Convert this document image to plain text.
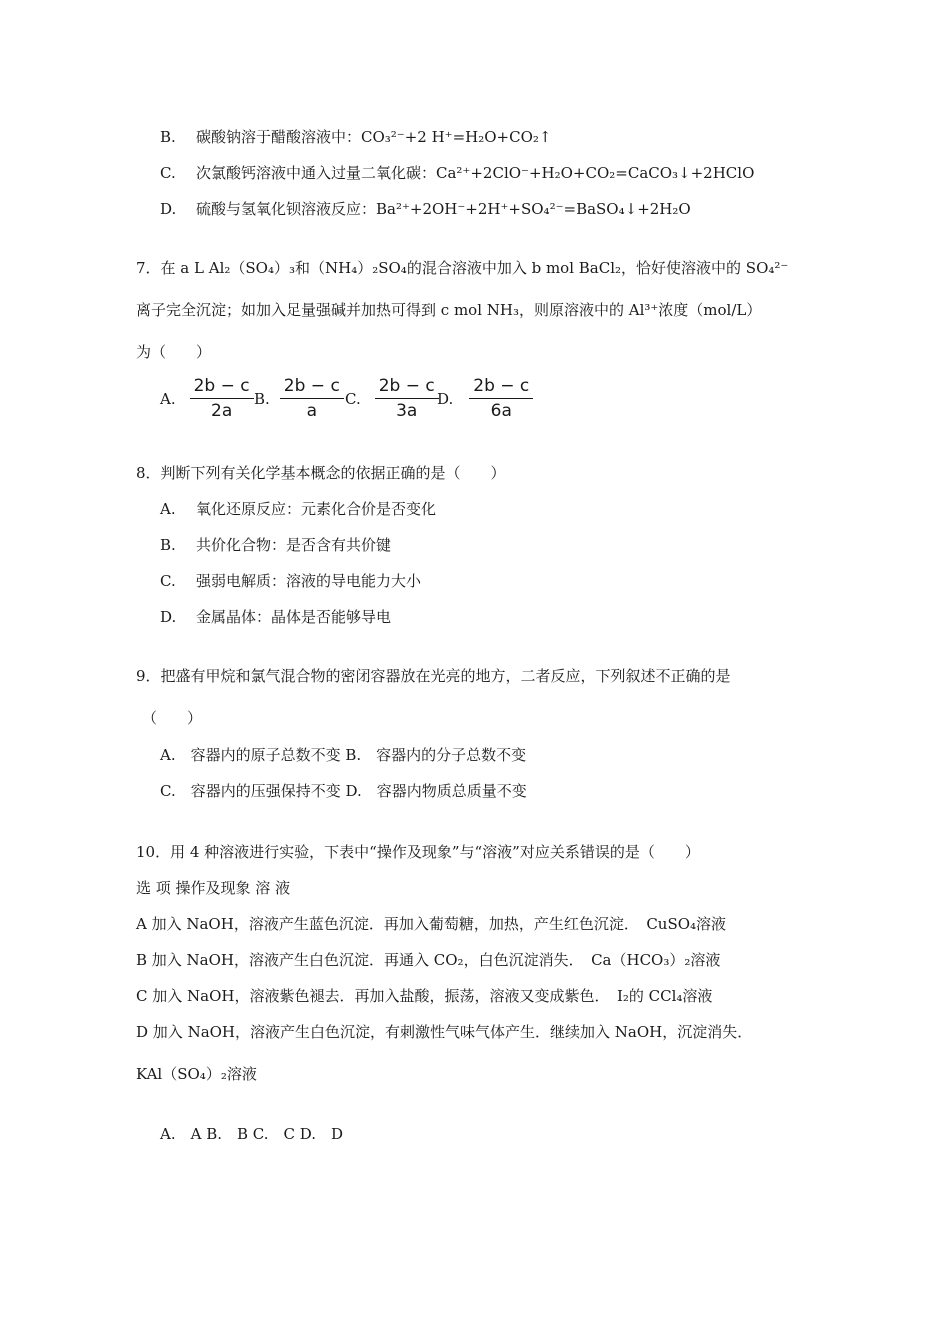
B. 碳酸钠溶于醋酸溶液中：CO₃²⁻+2 H⁺=H₂O+CO₂↑
C. 次氯酸钙溶液中通入过量二氧化碳：Ca²⁺+2ClO⁻+H₂O+CO₂=CaCO₃↓+2HClO
D. 硫酸与氢氧化钡溶液反应：Ba²⁺+2OH⁻+2H⁺+SO₄²⁻=BaSO₄↓+2H₂O
7．在 a L Al₂（SO₄）₃和（NH₄）₂SO₄的混合溶液中加入 b mol BaCl₂，恰好使溶液中的 SO₄²⁻
离子完全沉淀；如加入足量强碱并加热可得到 c mol NH₃，则原溶液中的 Al³⁺浓度（mol/L）
为（　　）
A. $\frac{2b - c}{2a} B$. $\frac{2b - c}{a} C$. $\frac{2b - c}{3a}$
D. $\frac{2b - c}{6a}$
8．判断下列有关化学基本概念的依据正确的是（　　）
A. 氧化还原反应：元素化合价是否变化
B. 共价化合物：是否含有共价键
C. 强弱电解质：溶液的导电能力大小
D. 金属晶体：晶体是否能够导电
9．把盛有甲烷和氯气混合物的密闭容器放在光亮的地方，二者反应，下列叙述不正确的是
（　　）
A.　容器内的原子总数不变 B.　容器内的分子总数不变
C.　容器内的压强保持不变 D.　容器内物质总质量不变
10．用 4 种溶液进行实验，下表中“操作及现象”与“溶液”对应关系错误的是（　　）
选 项 操作及现象 溶 液
A 加入 NaOH，溶液产生蓝色沉淀．再加入葡萄糖，加热，产生红色沉淀．　CuSO₄溶液
B 加入 NaOH，溶液产生白色沉淀．再通入 CO₂，白色沉淀消失．　Ca（HCO₃）₂溶液
C 加入 NaOH，溶液紫色褪去．再加入盐酸，振荡，溶液又变成紫色．　I₂的 CCl₄溶液
D 加入 NaOH，溶液产生白色沉淀，有刺激性气味气体产生．继续加入 NaOH，沉淀消失．
KAl（SO₄）₂溶液
A.　A B.　B C.　C D.　D
